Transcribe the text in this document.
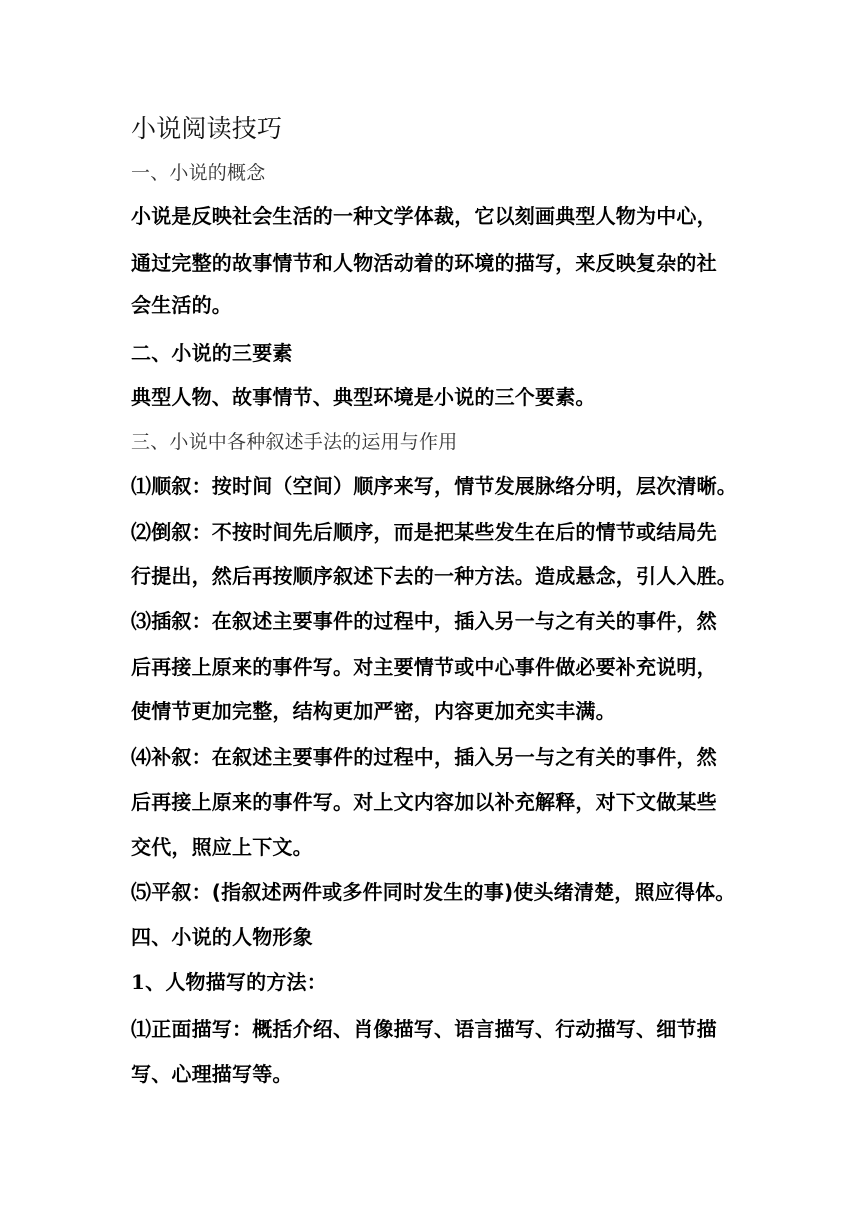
小说阅读技巧
一、小说的概念
小说是反映社会生活的一种文学体裁，它以刻画典型人物为中心，
通过完整的故事情节和人物活动着的环境的描写，来反映复杂的社
会生活的。
二、小说的三要素
典型人物、故事情节、典型环境是小说的三个要素。
三、小说中各种叙述手法的运用与作用
⑴顺叙：按时间（空间）顺序来写，情节发展脉络分明，层次清晰。
⑵倒叙：不按时间先后顺序，而是把某些发生在后的情节或结局先
行提出，然后再按顺序叙述下去的一种方法。造成悬念，引人入胜。
⑶插叙：在叙述主要事件的过程中，插入另一与之有关的事件，然
后再接上原来的事件写。对主要情节或中心事件做必要补充说明，
使情节更加完整，结构更加严密，内容更加充实丰满。
⑷补叙：在叙述主要事件的过程中，插入另一与之有关的事件，然
后再接上原来的事件写。对上文内容加以补充解释，对下文做某些
交代，照应上下文。
⑸平叙：(指叙述两件或多件同时发生的事)使头绪清楚，照应得体。
四、小说的人物形象
1、人物描写的方法：
⑴正面描写：概括介绍、肖像描写、语言描写、行动描写、细节描
写、心理描写等。
